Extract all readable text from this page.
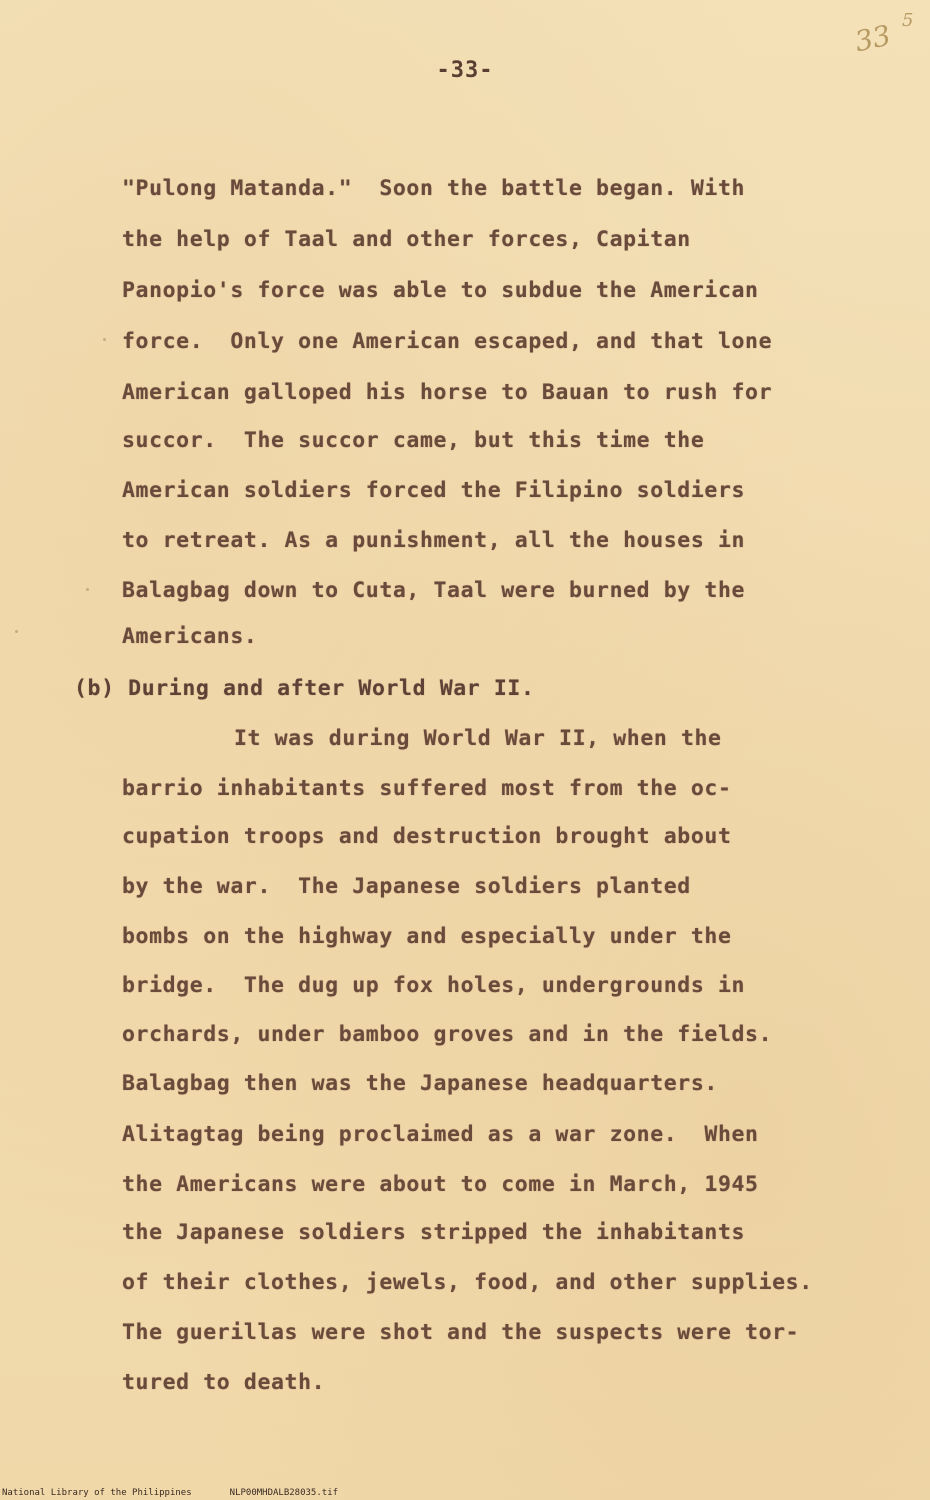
-33-
33 5
"Pulong Matanda."  Soon the battle began. With
the help of Taal and other forces, Capitan
Panopio's force was able to subdue the American
force.  Only one American escaped, and that lone
American galloped his horse to Bauan to rush for
succor.  The succor came, but this time the
American soldiers forced the Filipino soldiers
to retreat. As a punishment, all the houses in
Balagbag down to Cuta, Taal were burned by the
Americans.
(b) During and after World War II.
It was during World War II, when the
barrio inhabitants suffered most from the oc-
cupation troops and destruction brought about
by the war.  The Japanese soldiers planted
bombs on the highway and especially under the
bridge.  The dug up fox holes, undergrounds in
orchards, under bamboo groves and in the fields.
Balagbag then was the Japanese headquarters.
Alitagtag being proclaimed as a war zone.  When
the Americans were about to come in March, 1945
the Japanese soldiers stripped the inhabitants
of their clothes, jewels, food, and other supplies.
The guerillas were shot and the suspects were tor-
tured to death.
National Library of the Philippines	NLP00MHDALB28035.tif
